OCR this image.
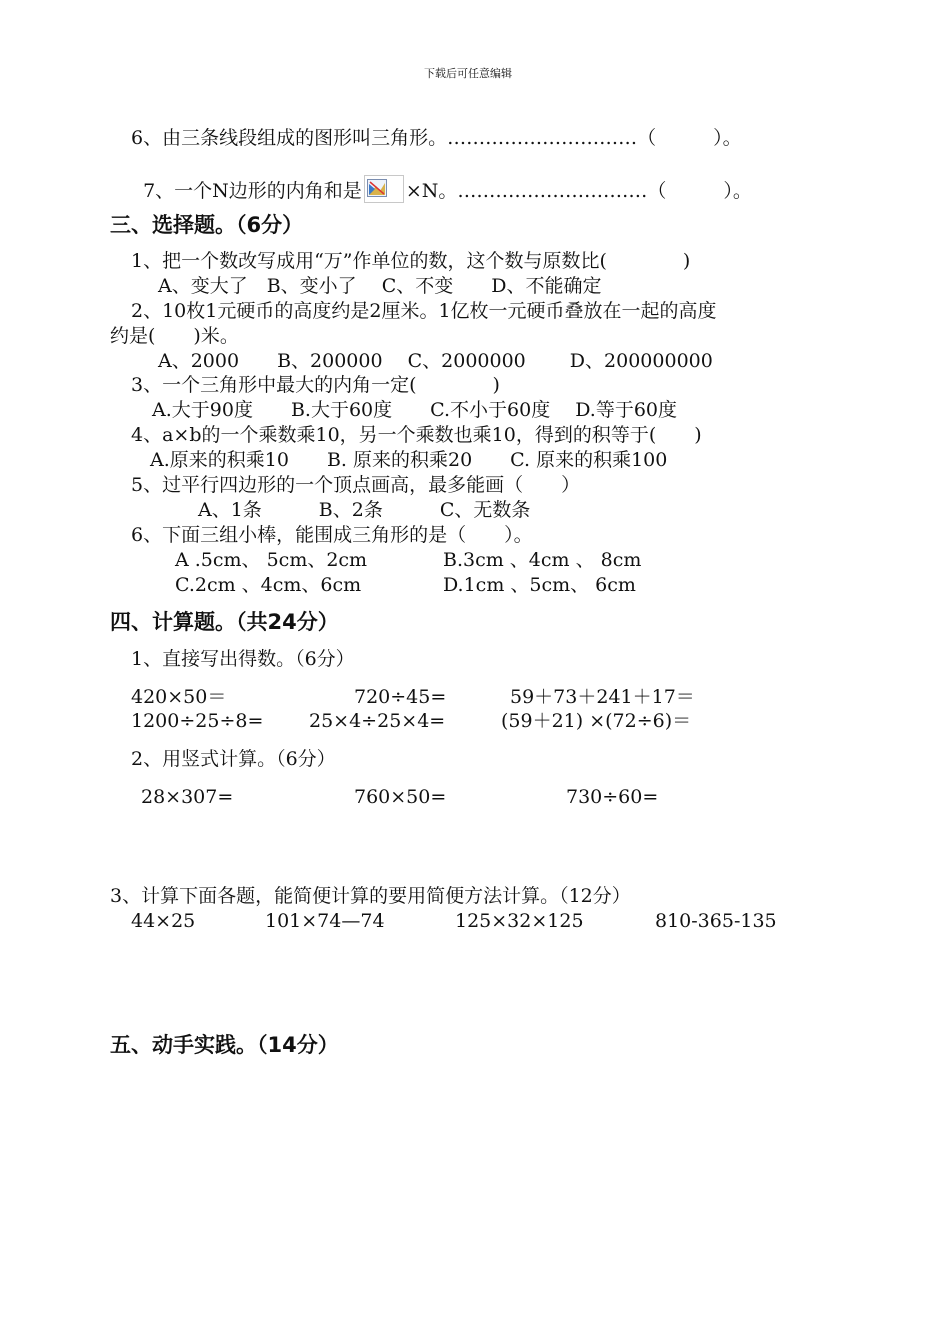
下载后可任意编辑
6、由三条线段组成的图形叫三角形。…………………………（　　　）。

7、一个N边形的内角和是 ×N。…………………………（　　　）。

三、选择题。（6分）
1、把一个数改写成用“万”作单位的数，这个数与原数比(　　　　)
A、变大了　B、变小了　 C、不变　　D、不能确定
2、10枚1元硬币的高度约是2厘米。1亿枚一元硬币叠放在一起的高度
约是(　　)米。
A、2000　　B、200000　 C、2000000　　 D、200000000
3、一个三角形中最大的内角一定(　　　　)
A.大于90度　　B.大于60度　　C.不小于60度　 D.等于60度
4、a×b的一个乘数乘10，另一个乘数也乘10，得到的积等于(　　)
A.原来的积乘10　　B. 原来的积乘20　　C. 原来的积乘100
5、过平行四边形的一个顶点画高，最多能画（　　）
A、1条　　　B、2条　　　C、无数条
6、下面三组小棒，能围成三角形的是（　　）。
A .5cm、 5cm、2cm	B.3cm 、4cm 、 8cm
C.2cm 、4cm、6cm	D.1cm 、5cm、 6cm
四、计算题。（共24分）
1、直接写出得数。（6分）
420×50＝	720÷45=	59＋73＋241＋17＝
1200÷25÷8= 25×4÷25×4=	(59＋21) ×(72÷6)＝
2、用竖式计算。（6分）
28×307=	760×50=	730÷60=
3、计算下面各题，能简便计算的要用简便方法计算。（12分）
44×25	101×74—74	125×32×125	810-365-135
五、动手实践。（14分）
